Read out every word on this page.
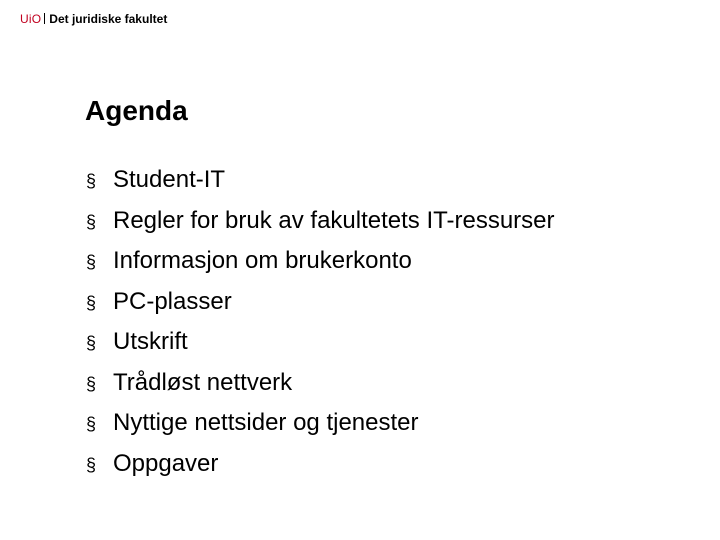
UiO Det juridiske fakultet
Agenda
§ Student-IT
§ Regler for bruk av fakultetets IT-ressurser
§ Informasjon om brukerkonto
§ PC-plasser
§ Utskrift
§ Trådløst nettverk
§ Nyttige nettsider og tjenester
§ Oppgaver
